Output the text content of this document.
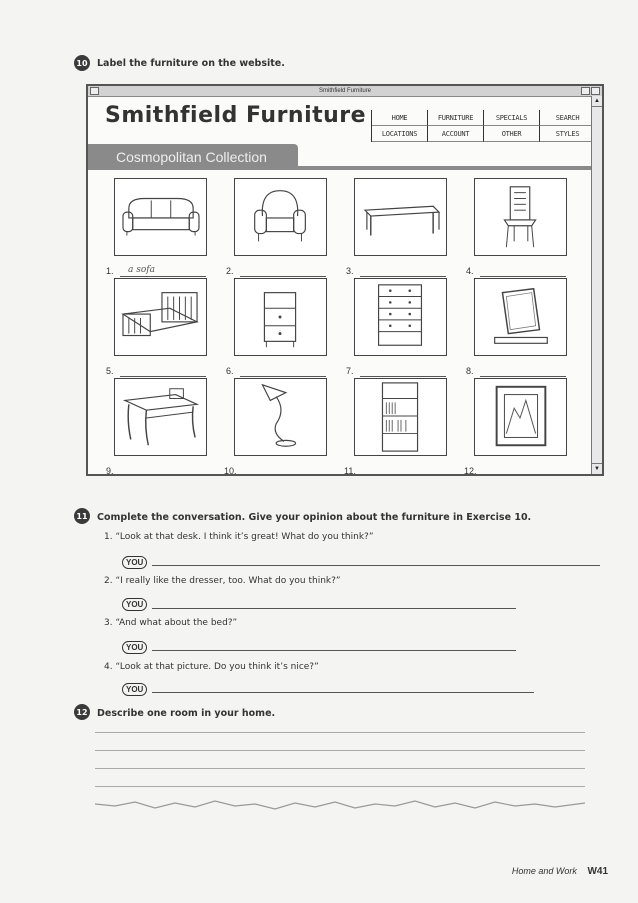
10 Label the furniture on the website.
Smithfield Furniture
Smithfield Furniture	HOME	FURNITURE	SPECIALS	SEARCH
LOCATIONS	ACCOUNT	OTHER	STYLES
Cosmopolitan Collection
▲
▼
1. a sofa	2.	3.	4.
5.	6.	7.	8.
9.	10.	11.	12.
11 Complete the conversation. Give your opinion about the furniture in Exercise 10.
1. “Look at that desk. I think it’s great! What do you think?”
YOU
2. “I really like the dresser, too. What do you think?”
YOU
3. “And what about the bed?”
YOU
4. “Look at that picture. Do you think it’s nice?”
YOU
12 Describe one room in your home.
Home and Work W41
